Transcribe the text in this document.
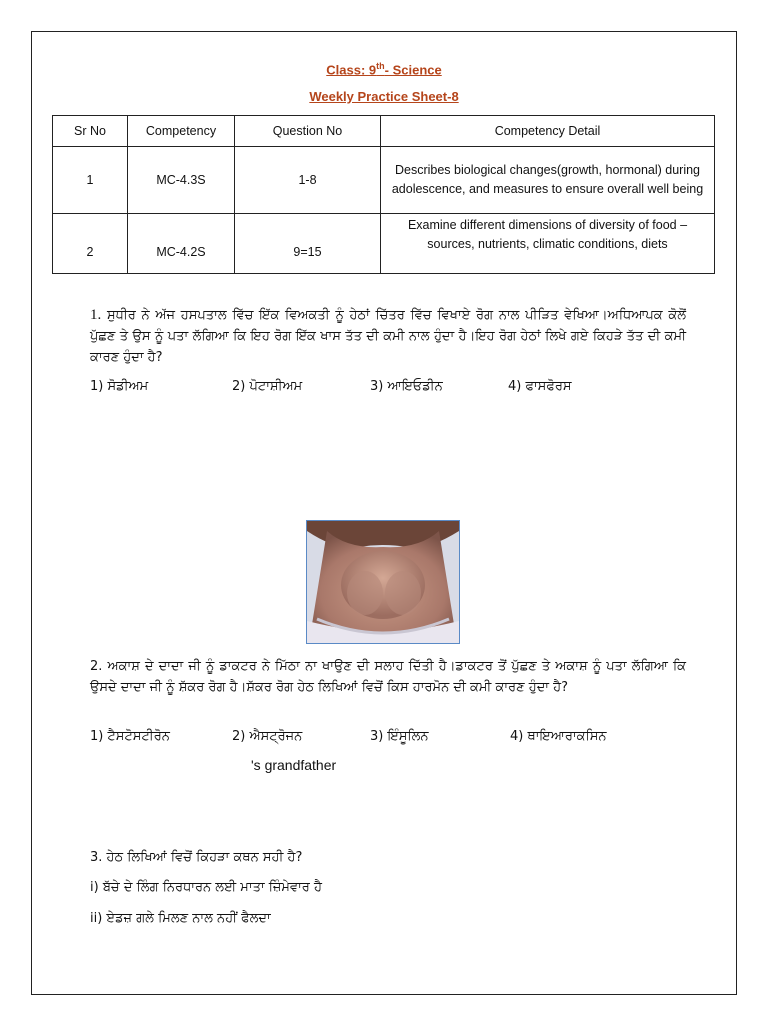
Class: 9th- Science
Weekly Practice Sheet-8
Sr No	Competency	Question No	Competency Detail
1	MC-4.3S	1-8	Describes biological changes(growth, hormonal) during adolescence, and measures to ensure overall well being
2	MC-4.2S	9=15	Examine different dimensions of diversity of food –sources, nutrients, climatic conditions, diets
1. ਸੁਧੀਰ ਨੇ ਅੱਜ ਹਸਪਤਾਲ ਵਿੱਚ ਇੱਕ ਵਿਅਕਤੀ ਨੂੰ ਹੇਠਾਂ ਚਿੱਤਰ ਵਿੱਚ ਵਿਖਾਏ ਰੋਗ ਨਾਲ ਪੀੜਿਤ ਵੇਖਿਆ।ਅਧਿਆਪਕ ਕੋਲੋਂ ਪੁੱਛਣ ਤੇ ਉਸ ਨੂੰ ਪਤਾ ਲੱਗਿਆ ਕਿ ਇਹ ਰੋਗ ਇੱਕ ਖਾਸ ਤੱਤ ਦੀ ਕਮੀ ਨਾਲ ਹੁੰਦਾ ਹੈ।ਇਹ ਰੋਗ ਹੇਠਾਂ ਲਿਖੇ ਗਏ ਕਿਹੜੇ ਤੱਤ ਦੀ ਕਮੀ ਕਾਰਣ ਹੁੰਦਾ ਹੈ?
1) ਸੋਡੀਅਮ	2) ਪੋਟਾਸ਼ੀਅਮ	3) ਆਇਓਡੀਨ	4) ਫਾਸਫੋਰਸ
2. ਅਕਾਸ਼ ਦੇ ਦਾਦਾ ਜੀ ਨੂੰ ਡਾਕਟਰ ਨੇ ਮਿੱਠਾ ਨਾ ਖਾਉਣ ਦੀ ਸਲਾਹ ਦਿੱਤੀ ਹੈ।ਡਾਕਟਰ ਤੋਂ ਪੁੱਛਣ ਤੇ ਅਕਾਸ਼ ਨੂੰ ਪਤਾ ਲੱਗਿਆ ਕਿ ਉਸਦੇ ਦਾਦਾ ਜੀ ਨੂੰ ਸ਼ੱਕਰ ਰੋਗ ਹੈ।ਸ਼ੱਕਰ ਰੋਗ ਹੇਠ ਲਿਖਿਆਂ ਵਿਚੋਂ ਕਿਸ ਹਾਰਮੋਨ ਦੀ ਕਮੀ ਕਾਰਣ ਹੁੰਦਾ ਹੈ?
1) ਟੈਸਟੋਸਟੀਰੋਨ	2) ਐਸਟ੍ਰੋਜਨ	3) ਇੰਸੂਲਿਨ	4) ਥਾਇਆਰਾਕਸਿਨ
's grandfather
3. ਹੇਠ ਲਿਖਿਆਂ ਵਿਚੋਂ ਕਿਹੜਾ ਕਥਨ ਸਹੀ ਹੈ?
i) ਬੱਚੇ ਦੇ ਲਿੰਗ ਨਿਰਧਾਰਨ ਲਈ ਮਾਤਾ ਜ਼ਿੰਮੇਵਾਰ ਹੈ
ii) ਏਡਜ਼ ਗਲੇ ਮਿਲਣ ਨਾਲ ਨਹੀਂ ਫੈਲਦਾ
